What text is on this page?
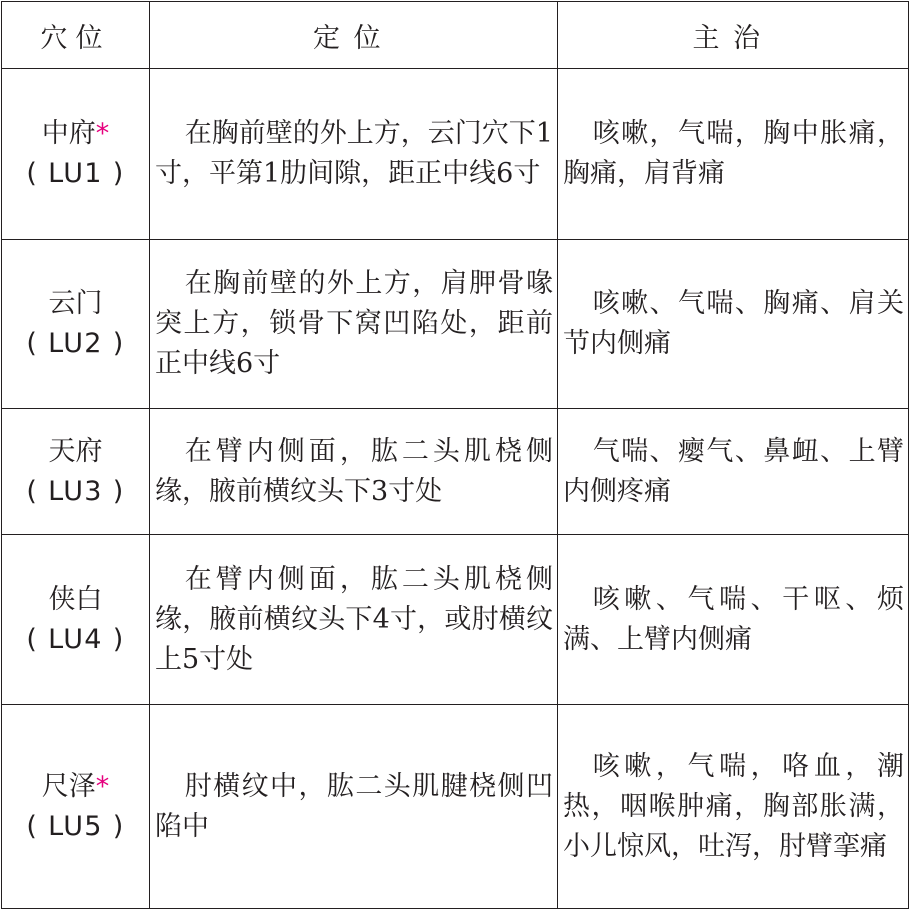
穴位	定位	主治

中府*
( LU1 )	在胸前壁的外上方，云门穴下1寸，平第1肋间隙，距正中线6寸	咳嗽，气喘，胸中胀痛，胸痛，肩背痛

云门
( LU2 )	在胸前壁的外上方，肩胛骨喙突上方，锁骨下窝凹陷处，距前正中线6寸	咳嗽、气喘、胸痛、肩关节内侧痛

天府
( LU3 )	在臂内侧面，肱二头肌桡侧缘，腋前横纹头下3寸处	气喘、瘿气、鼻衄、上臂内侧疼痛

侠白
( LU4 )	在臂内侧面，肱二头肌桡侧缘，腋前横纹头下4寸，或肘横纹上5寸处	咳嗽、气喘、干呕、烦满、上臂内侧痛

尺泽*
( LU5 )	肘横纹中，肱二头肌腱桡侧凹陷中	咳嗽，气喘，咯血，潮热，咽喉肿痛，胸部胀满，小儿惊风，吐泻，肘臂挛痛
